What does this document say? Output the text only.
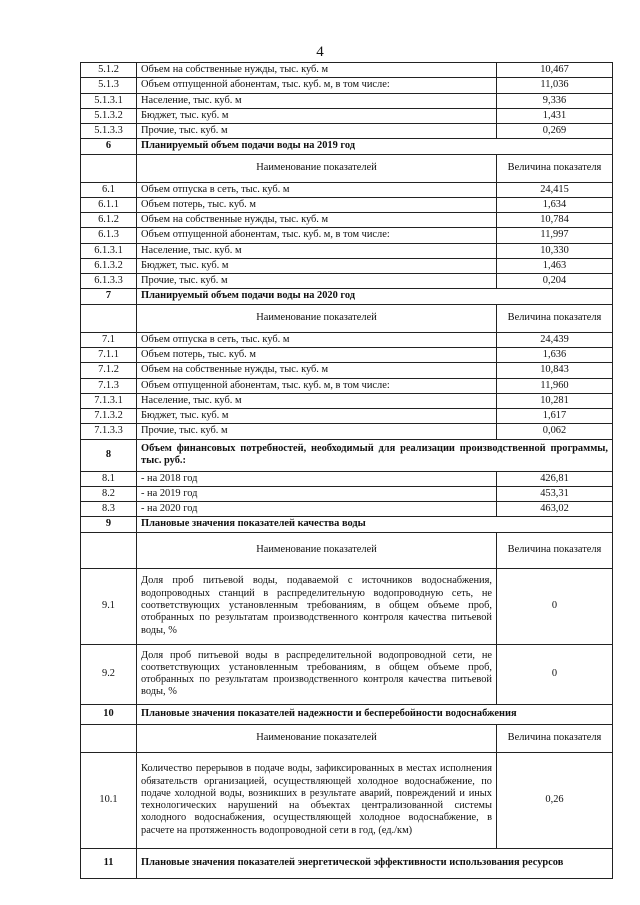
4
5.1.2	Объем на собственные нужды, тыс. куб. м	10,467
5.1.3	Объем отпущенной абонентам, тыс. куб. м, в том числе:	11,036
5.1.3.1	Население, тыс. куб. м	9,336
5.1.3.2	Бюджет, тыс. куб. м	1,431
5.1.3.3	Прочие, тыс. куб. м	0,269
6	Планируемый объем подачи воды на 2019 год	
	Наименование показателей	Величина показателя
6.1	Объем отпуска в сеть, тыс. куб. м	24,415
6.1.1	Объем потерь, тыс. куб. м	1,634
6.1.2	Объем на собственные нужды, тыс. куб. м	10,784
6.1.3	Объем отпущенной абонентам, тыс. куб. м, в том числе:	11,997
6.1.3.1	Население, тыс. куб. м	10,330
6.1.3.2	Бюджет, тыс. куб. м	1,463
6.1.3.3	Прочие, тыс. куб. м	0,204
7	Планируемый объем подачи воды на 2020 год	
	Наименование показателей	Величина показателя
7.1	Объем отпуска в сеть, тыс. куб. м	24,439
7.1.1	Объем потерь, тыс. куб. м	1,636
7.1.2	Объем на собственные нужды, тыс. куб. м	10,843
7.1.3	Объем отпущенной абонентам, тыс. куб. м, в том числе:	11,960
7.1.3.1	Население, тыс. куб. м	10,281
7.1.3.2	Бюджет, тыс. куб. м	1,617
7.1.3.3	Прочие, тыс. куб. м	0,062
8	Объем финансовых потребностей, необходимый для реализации производственной программы, тыс. руб.:	
8.1	- на 2018 год	426,81
8.2	- на 2019 год	453,31
8.3	- на 2020 год	463,02
9	Плановые значения показателей качества воды	
	Наименование показателей	Величина показателя
9.1	Доля проб питьевой воды, подаваемой с источников водоснабжения, водопроводных станций в распределительную водопроводную сеть, не соответствующих установленным требованиям, в общем объеме проб, отобранных по результатам производственного контроля качества питьевой воды, %	0
9.2	Доля проб питьевой воды в распределительной водопроводной сети, не соответствующих установленным требованиям, в общем объеме проб, отобранных по результатам производственного контроля качества питьевой воды, %	0
10	Плановые значения показателей надежности и бесперебойности водоснабжения	
	Наименование показателей	Величина показателя
10.1	Количество перерывов в подаче воды, зафиксированных в местах исполнения обязательств организацией, осуществляющей холодное водоснабжение, по подаче холодной воды, возникших в результате аварий, повреждений и иных технологических нарушений на объектах централизованной системы холодного водоснабжения, осуществляющей холодное водоснабжение, в расчете на протяженность водопроводной сети в год, (ед./км)	0,26
11	Плановые значения показателей энергетической эффективности использования ресурсов	
